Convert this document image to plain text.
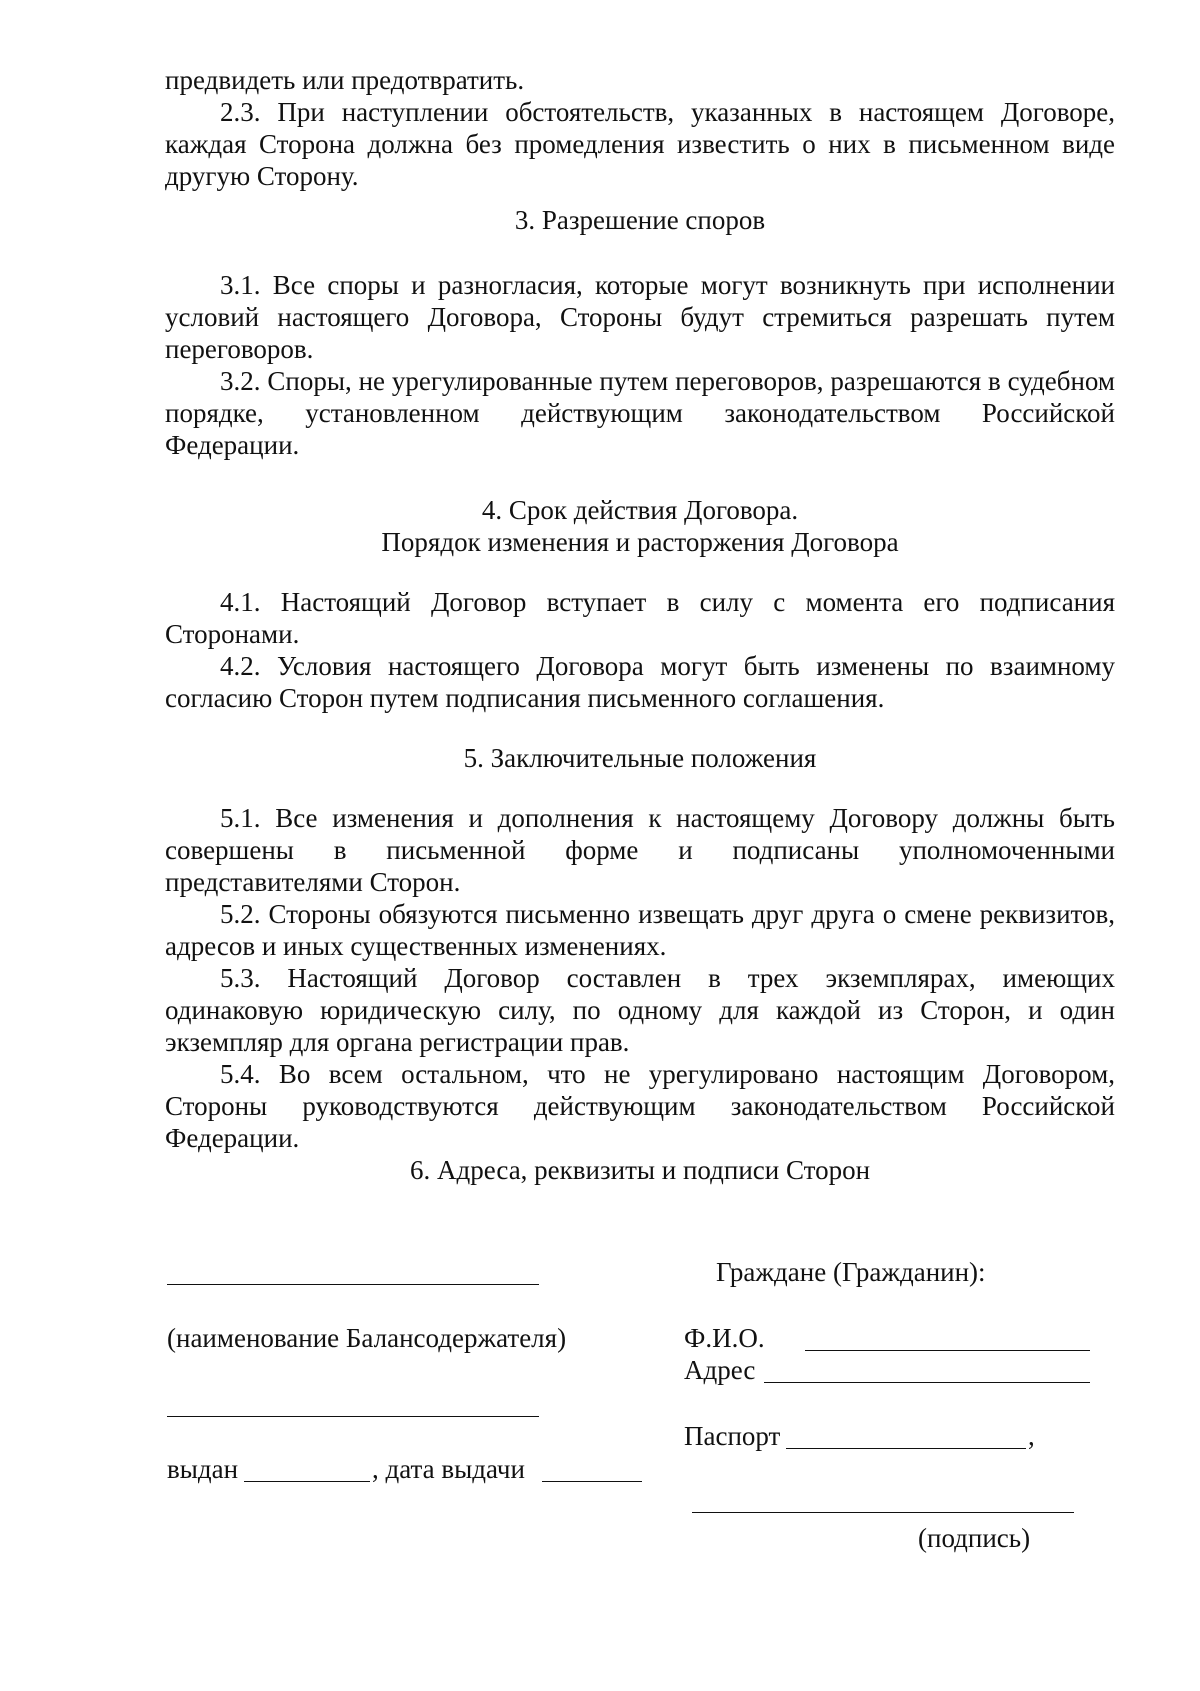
предвидеть или предотвратить.

2.3. При наступлении обстоятельств, указанных в настоящем Договоре, каждая Сторона должна без промедления известить о них в письменном виде другую Сторону.

3. Разрешение споров

3.1. Все споры и разногласия, которые могут возникнуть при исполнении условий настоящего Договора, Стороны будут стремиться разрешать путем переговоров.

3.2. Споры, не урегулированные путем переговоров, разрешаются в судебном порядке, установленном действующим законодательством Российской Федерации.

4. Срок действия Договора.

Порядок изменения и расторжения Договора

4.1. Настоящий Договор вступает в силу с момента его подписания Сторонами.

4.2. Условия настоящего Договора могут быть изменены по взаимному согласию Сторон путем подписания письменного соглашения.

5. Заключительные положения

5.1. Все изменения и дополнения к настоящему Договору должны быть совершены в письменной форме и подписаны уполномоченными представителями Сторон.

5.2. Стороны обязуются письменно извещать друг друга о смене реквизитов, адресов и иных существенных изменениях.

5.3. Настоящий Договор составлен в трех экземплярах, имеющих одинаковую юридическую силу, по одному для каждой из Сторон, и один экземпляр для органа регистрации прав.

5.4. Во всем остальном, что не урегулировано настоящим Договором, Стороны руководствуются действующим законодательством Российской Федерации.

6. Адреса, реквизиты и подписи Сторон

(наименование Балансодержателя)
выдан	, дата выдачи
Граждане (Гражданин):
Ф.И.О.
Адрес
Паспорт	,
(подпись)
